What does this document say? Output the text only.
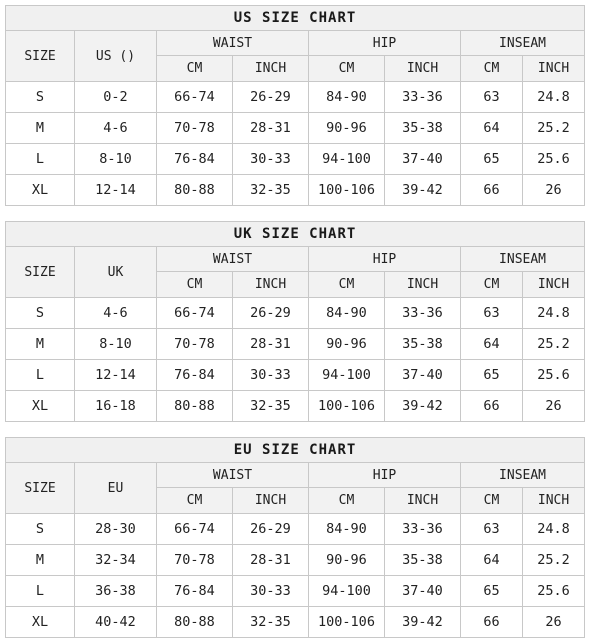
US SIZE CHART							
SIZE	US ()	WAIST		HIP		INSEAM	
		CM	INCH	CM	INCH	CM	INCH
S	0-2	66-74	26-29	84-90	33-36	63	24.8
M	4-6	70-78	28-31	90-96	35-38	64	25.2
L	8-10	76-84	30-33	94-100	37-40	65	25.6
XL	12-14	80-88	32-35	100-106	39-42	66	26
UK SIZE CHART							
SIZE	UK	WAIST		HIP		INSEAM	
		CM	INCH	CM	INCH	CM	INCH
S	4-6	66-74	26-29	84-90	33-36	63	24.8
M	8-10	70-78	28-31	90-96	35-38	64	25.2
L	12-14	76-84	30-33	94-100	37-40	65	25.6
XL	16-18	80-88	32-35	100-106	39-42	66	26
EU SIZE CHART							
SIZE	EU	WAIST		HIP		INSEAM	
		CM	INCH	CM	INCH	CM	INCH
S	28-30	66-74	26-29	84-90	33-36	63	24.8
M	32-34	70-78	28-31	90-96	35-38	64	25.2
L	36-38	76-84	30-33	94-100	37-40	65	25.6
XL	40-42	80-88	32-35	100-106	39-42	66	26
